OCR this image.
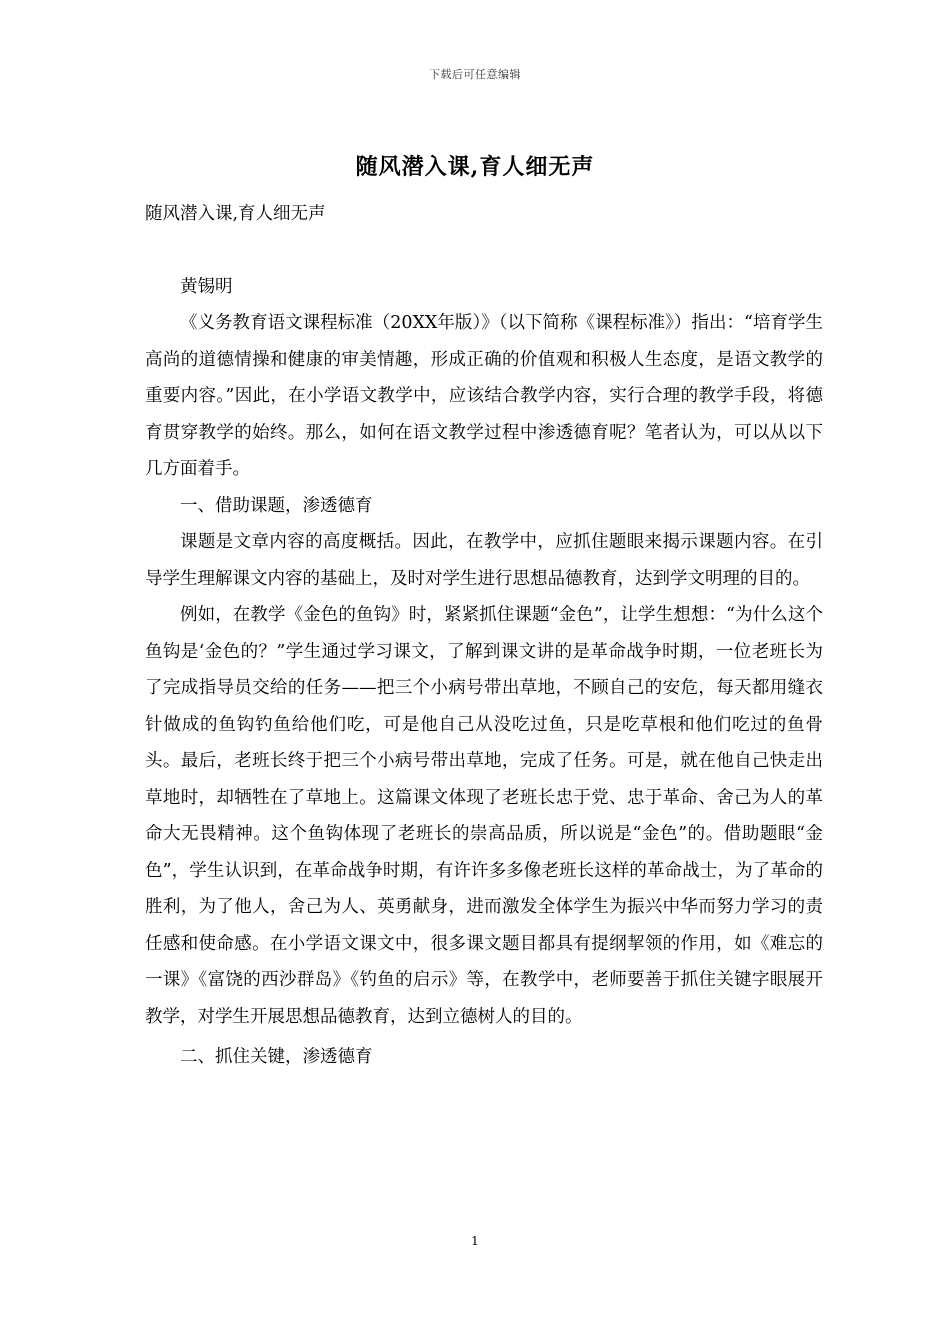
下载后可任意编辑
随风潜入课,育人细无声

随风潜入课,育人细无声

黄锡明

《义务教育语文课程标准（20XX年版）》（以下简称《课程标准》）指出：“培育学生高尚的道德情操和健康的审美情趣，形成正确的价值观和积极人生态度，是语文教学的重要内容。”因此，在小学语文教学中，应该结合教学内容，实行合理的教学手段，将德育贯穿教学的始终。那么，如何在语文教学过程中渗透德育呢？笔者认为，可以从以下几方面着手。

一、借助课题，渗透德育

课题是文章内容的高度概括。因此，在教学中，应抓住题眼来揭示课题内容。在引导学生理解课文内容的基础上，及时对学生进行思想品德教育，达到学文明理的目的。

例如，在教学《金色的鱼钩》时，紧紧抓住课题“金色”，让学生想想：“为什么这个鱼钩是‘金色的？”学生通过学习课文，了解到课文讲的是革命战争时期，一位老班长为了完成指导员交给的任务——把三个小病号带出草地，不顾自己的安危，每天都用缝衣针做成的鱼钩钓鱼给他们吃，可是他自己从没吃过鱼，只是吃草根和他们吃过的鱼骨头。最后，老班长终于把三个小病号带出草地，完成了任务。可是，就在他自己快走出草地时，却牺牲在了草地上。这篇课文体现了老班长忠于党、忠于革命、舍己为人的革命大无畏精神。这个鱼钩体现了老班长的崇高品质，所以说是“金色”的。借助题眼“金色”，学生认识到，在革命战争时期，有许许多多像老班长这样的革命战士，为了革命的胜利，为了他人，舍己为人、英勇献身，进而激发全体学生为振兴中华而努力学习的责任感和使命感。在小学语文课文中，很多课文题目都具有提纲挈领的作用，如《难忘的一课》《富饶的西沙群岛》《钓鱼的启示》等，在教学中，老师要善于抓住关键字眼展开教学，对学生开展思想品德教育，达到立德树人的目的。

二、抓住关键，渗透德育

1
